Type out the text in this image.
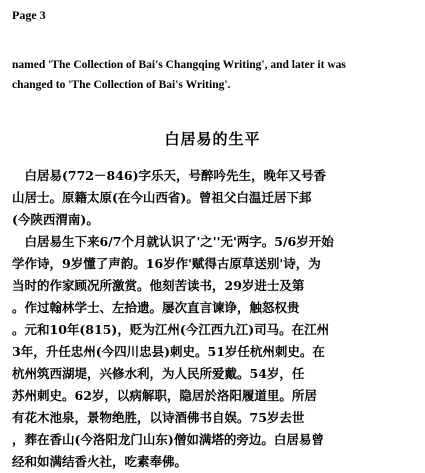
Page 3

named 'The Collection of Bai's Changqing Writing', and later it was

changed to 'The Collection of Bai's Writing'.

白居易的生平
　白居易(772－846)字乐天，号醉吟先生，晚年又号香
山居士。原籍太原(在今山西省)。曾祖父白温迁居下邽
(今陕西渭南)。
　白居易生下来6/7个月就认识了'之''无'两字。5/6岁开始
学作诗，9岁懂了声韵。16岁作'赋得古原草送别'诗，为
当时的作家顾况所激赏。他刻苦读书，29岁进士及第
。作过翰林学士、左拾遗。屡次直言谏诤，触怒权贵
。元和10年(815)，贬为江州(今江西九江)司马。在江州
3年，升任忠州(今四川忠县)刺史。51岁任杭州刺史。在
杭州筑西湖堤，兴修水利，为人民所爱戴。54岁，任
苏州刺史。62岁，以病解职，隐居於洛阳履道里。所居
有花木池泉，景物绝胜，以诗酒佛书自娱。75岁去世
，葬在香山(今洛阳龙门山东)僧如满塔的旁边。白居易曾
经和如满结香火社，吃素奉佛。
